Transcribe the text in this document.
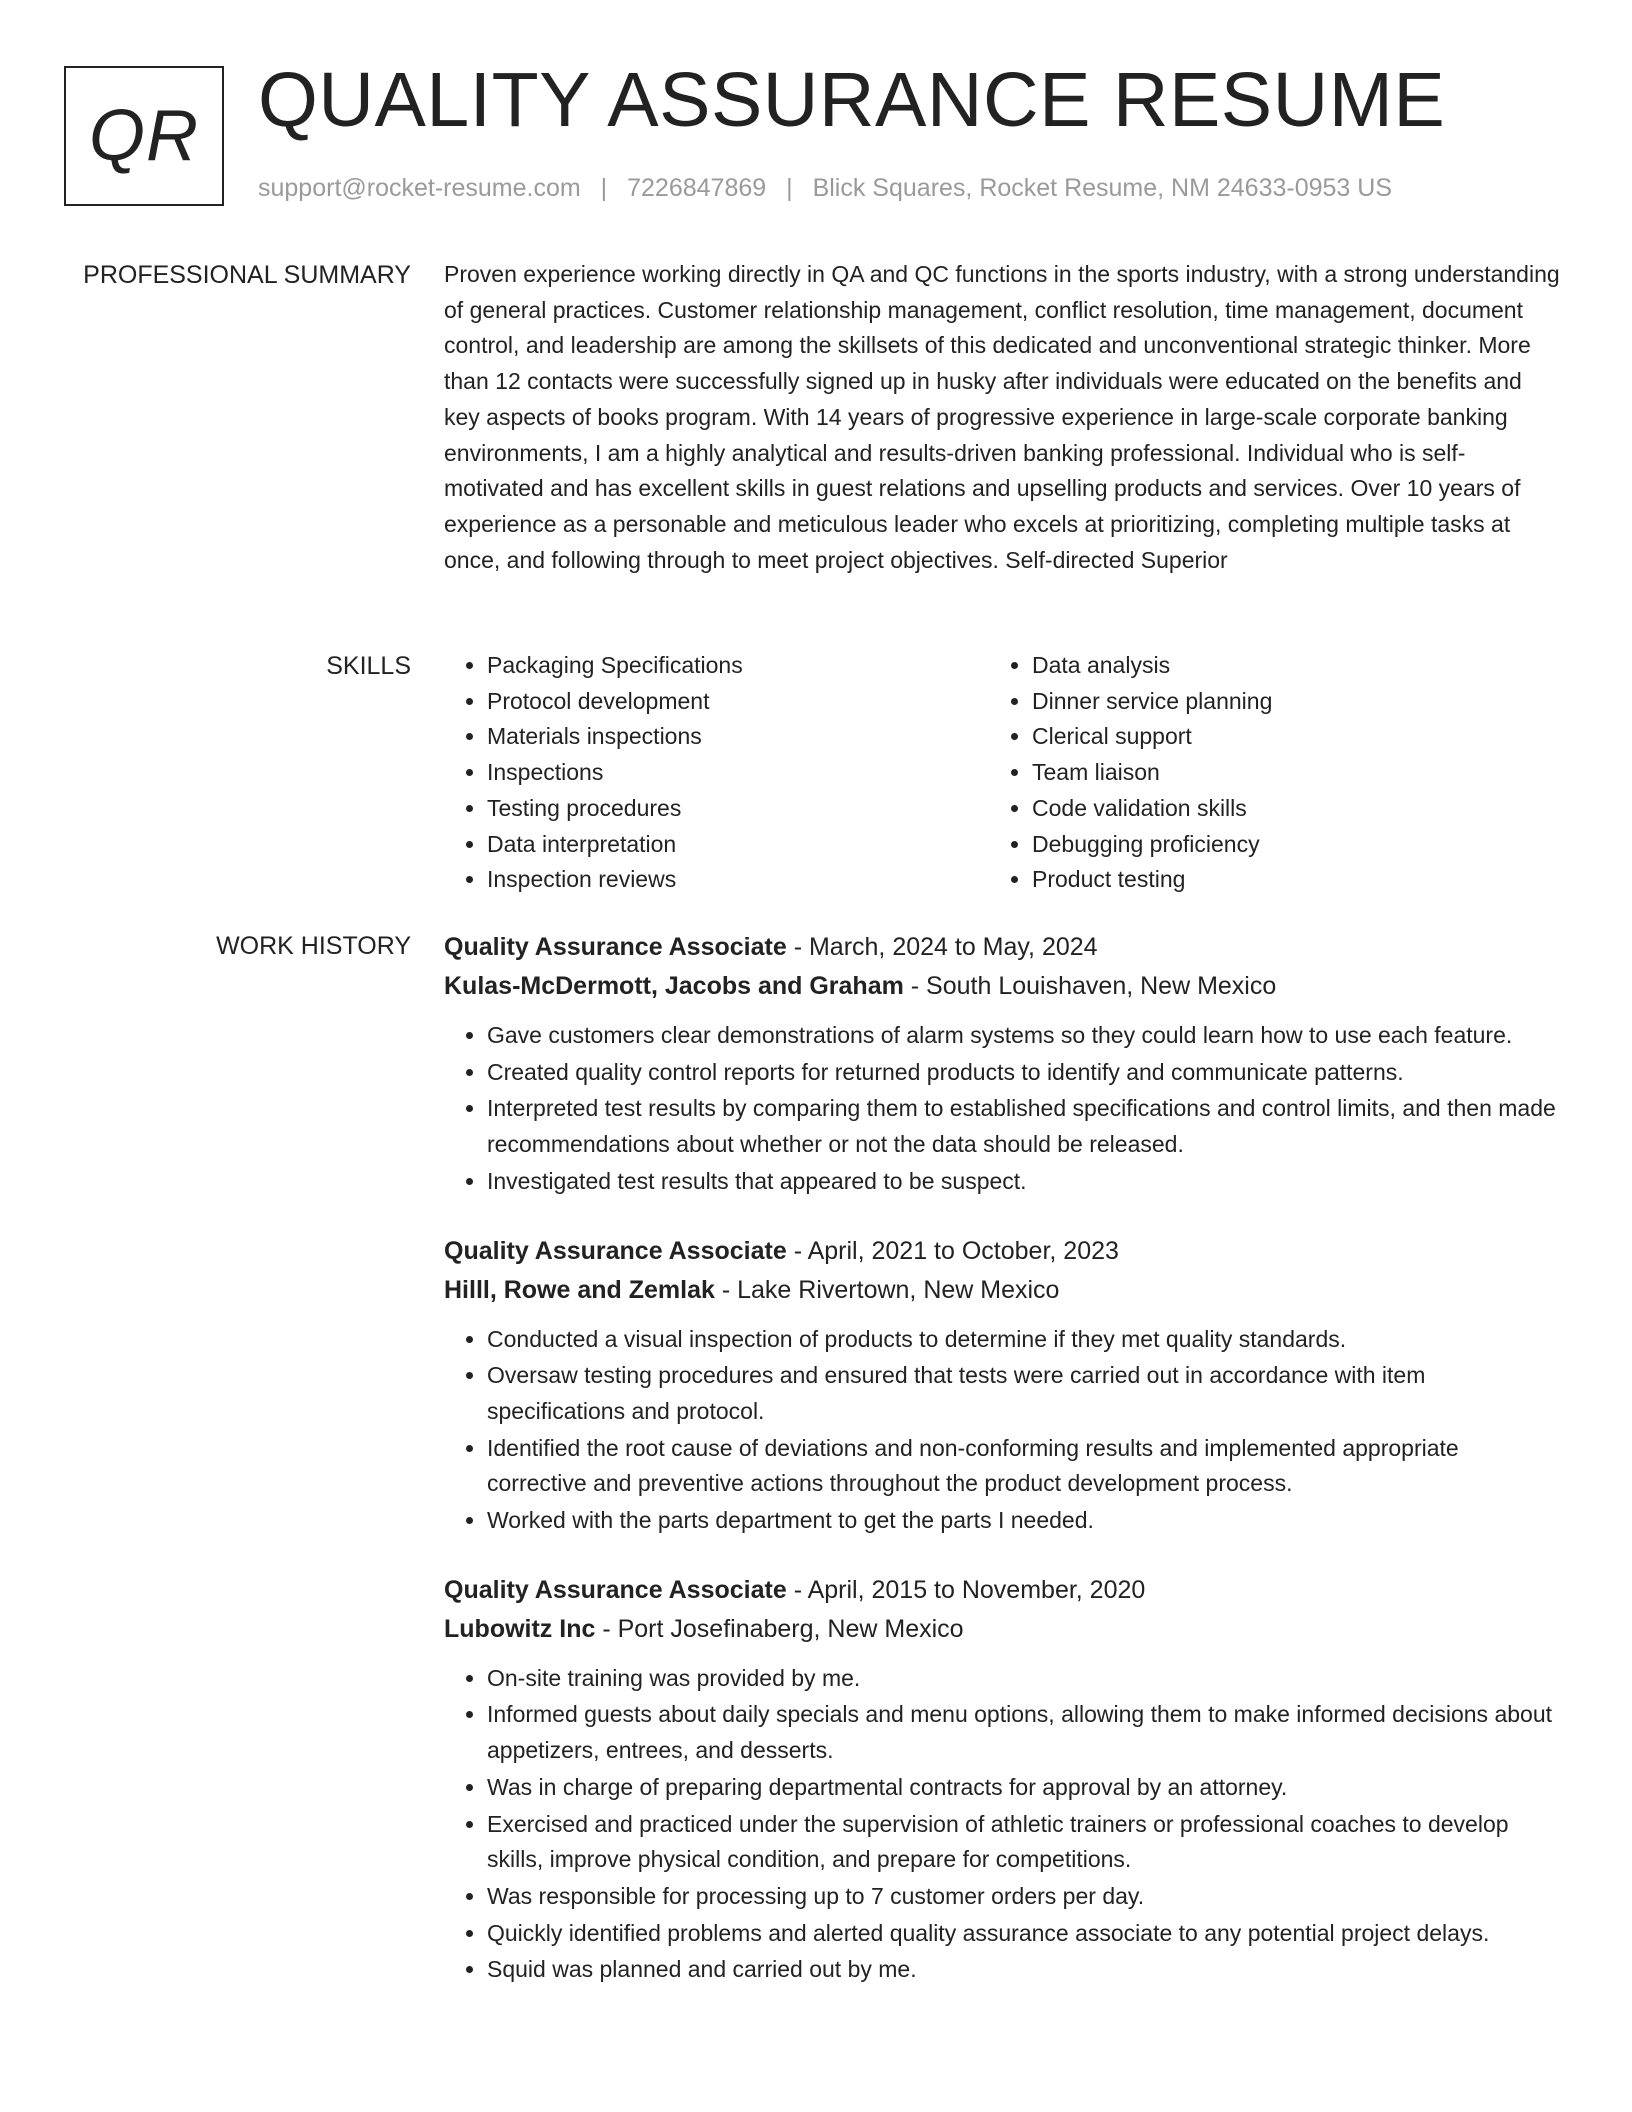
QR QUALITY ASSURANCE RESUME
support@rocket-resume.com | 7226847869 | Blick Squares, Rocket Resume, NM 24633-0953 US
PROFESSIONAL SUMMARY Proven experience working directly in QA and QC functions in the sports industry, with a strong understanding of general practices. Customer relationship management, conflict resolution, time management, document control, and leadership are among the skillsets of this dedicated and unconventional strategic thinker. More than 12 contacts were successfully signed up in husky after individuals were educated on the benefits and key aspects of books program. With 14 years of progressive experience in large-scale corporate banking environments, I am a highly analytical and results-driven banking professional. Individual who is self-motivated and has excellent skills in guest relations and upselling products and services. Over 10 years of experience as a personable and meticulous leader who excels at prioritizing, completing multiple tasks at once, and following through to meet project objectives. Self-directed Superior

SKILLS
•	Packaging Specifications
• Protocol development
• Materials inspections
• Inspections
• Testing procedures
• Data interpretation
• Inspection reviews
• Data analysis
• Dinner service planning
• Clerical support
• Team liaison
• Code validation skills
• Debugging proficiency
• Product testing
WORK HISTORY Quality Assurance Associate - March, 2024 to May, 2024
Kulas-McDermott, Jacobs and Graham - South Louishaven, New Mexico
• Gave customers clear demonstrations of alarm systems so they could learn how to use each feature.
• Created quality control reports for returned products to identify and communicate patterns.
• Interpreted test results by comparing them to established specifications and control limits, and then made recommendations about whether or not the data should be released.
• Investigated test results that appeared to be suspect.
Quality Assurance Associate - April, 2021 to October, 2023
Hilll, Rowe and Zemlak - Lake Rivertown, New Mexico
• Conducted a visual inspection of products to determine if they met quality standards.
• Oversaw testing procedures and ensured that tests were carried out in accordance with item specifications and protocol.
• Identified the root cause of deviations and non-conforming results and implemented appropriate corrective and preventive actions throughout the product development process.
• Worked with the parts department to get the parts I needed.
Quality Assurance Associate - April, 2015 to November, 2020
Lubowitz Inc - Port Josefinaberg, New Mexico
• On-site training was provided by me.
• Informed guests about daily specials and menu options, allowing them to make informed decisions about appetizers, entrees, and desserts.
• Was in charge of preparing departmental contracts for approval by an attorney.
• Exercised and practiced under the supervision of athletic trainers or professional coaches to develop skills, improve physical condition, and prepare for competitions.
• Was responsible for processing up to 7 customer orders per day.
• Quickly identified problems and alerted quality assurance associate to any potential project delays.
• Squid was planned and carried out by me.
